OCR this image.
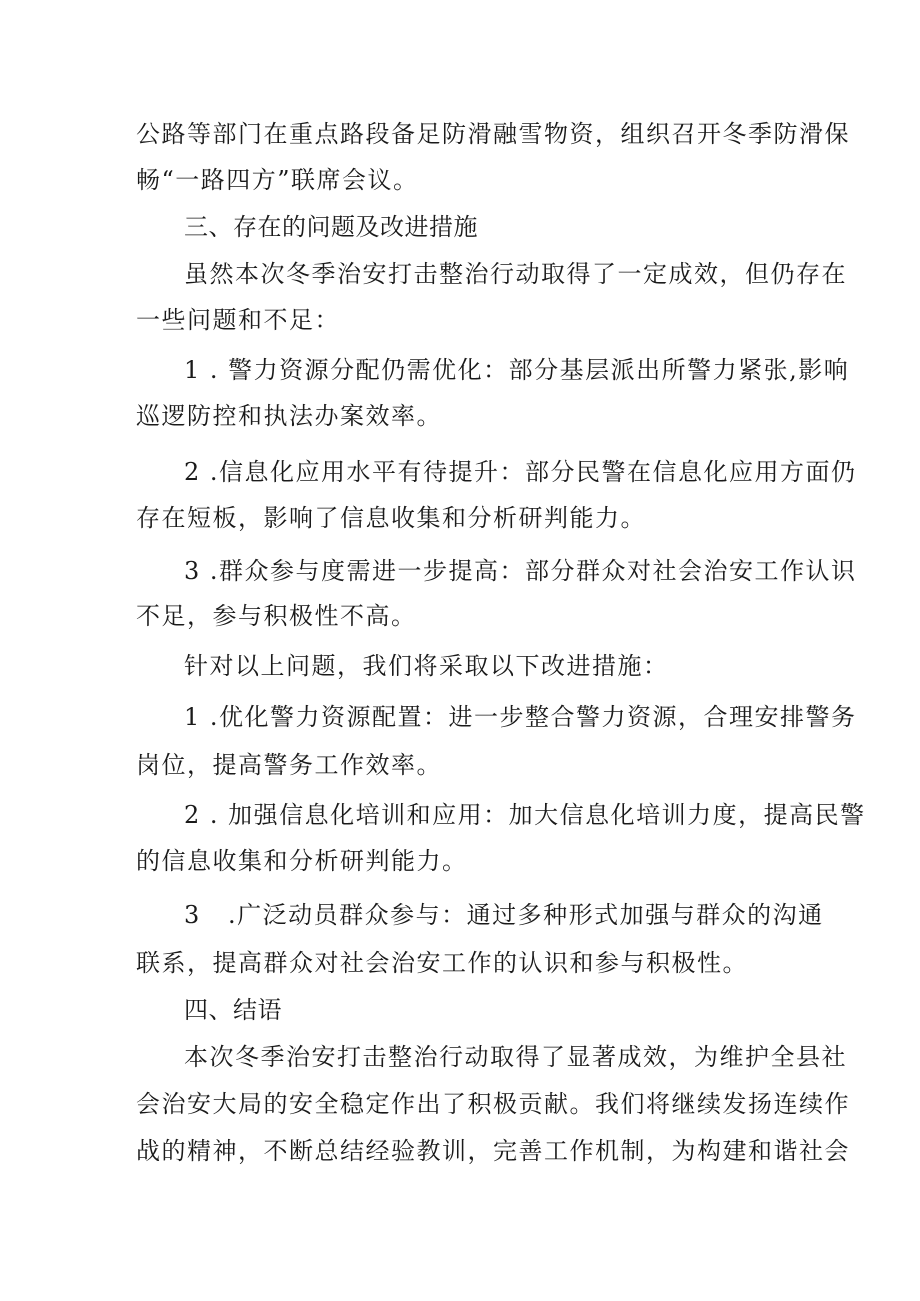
公路等部门在重点路段备足防滑融雪物资，组织召开冬季防滑保
畅“一路四方”联席会议。
三、存在的问题及改进措施
虽然本次冬季治安打击整治行动取得了一定成效，但仍存在
一些问题和不足：
1 . 警力资源分配仍需优化：部分基层派出所警力紧张,影响
巡逻防控和执法办案效率。
2 .信息化应用水平有待提升：部分民警在信息化应用方面仍
存在短板，影响了信息收集和分析研判能力。
3 .群众参与度需进一步提高：部分群众对社会治安工作认识
不足，参与积极性不高。
针对以上问题，我们将采取以下改进措施：
1 .优化警力资源配置：进一步整合警力资源，合理安排警务
岗位，提高警务工作效率。
2 . 加强信息化培训和应用：加大信息化培训力度，提高民警
的信息收集和分析研判能力。
3 .广泛动员群众参与：通过多种形式加强与群众的沟通
联系，提高群众对社会治安工作的认识和参与积极性。
四、结语
本次冬季治安打击整治行动取得了显著成效，为维护全县社
会治安大局的安全稳定作出了积极贡献。我们将继续发扬连续作
战的精神，不断总结经验教训，完善工作机制，为构建和谐社会
